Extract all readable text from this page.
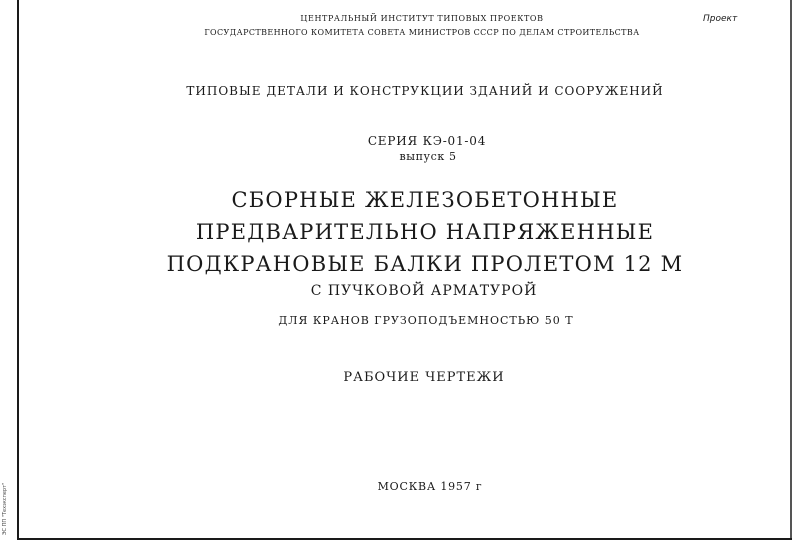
ЭС ПП "Техэксперт"
ЦЕНТРАЛЬНЫЙ ИНСТИТУТ ТИПОВЫХ ПРОЕКТОВ
ГОСУДАРСТВЕННОГО КОМИТЕТА СОВЕТА МИНИСТРОВ СССР ПО ДЕЛАМ СТРОИТЕЛЬСТВА
Проект
ТИПОВЫЕ ДЕТАЛИ И КОНСТРУКЦИИ ЗДАНИЙ И СООРУЖЕНИЙ
СЕРИЯ КЭ-01-04
выпуск 5
СБОРНЫЕ ЖЕЛЕЗОБЕТОННЫЕ
ПРЕДВАРИТЕЛЬНО НАПРЯЖЕННЫЕ
ПОДКРАНОВЫЕ БАЛКИ ПРОЛЕТОМ 12 М
С ПУЧКОВОЙ АРМАТУРОЙ
ДЛЯ КРАНОВ ГРУЗОПОДЪЕМНОСТЬЮ 50 Т
РАБОЧИЕ ЧЕРТЕЖИ
МОСКВА 1957 г
